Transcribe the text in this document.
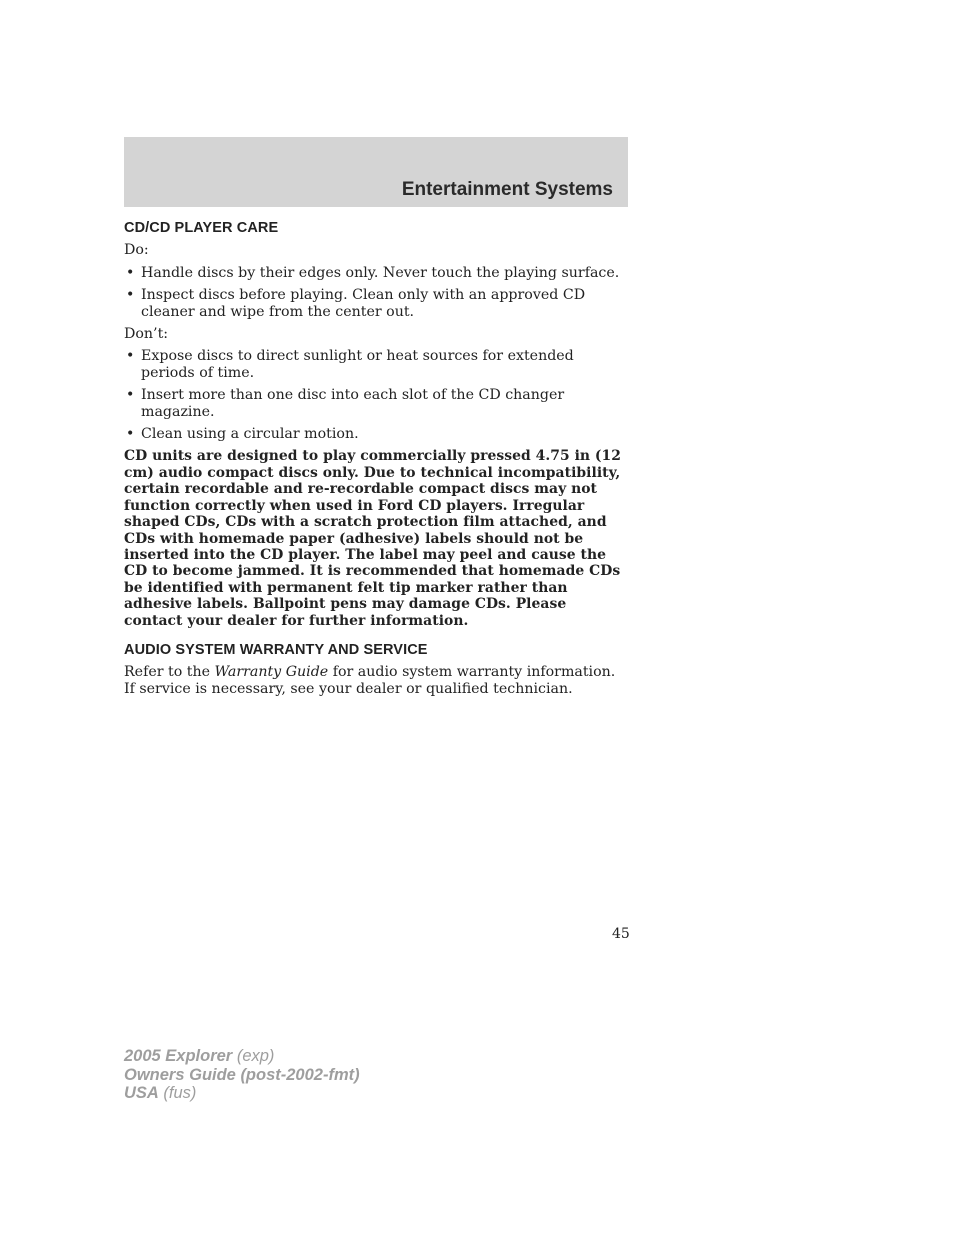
Entertainment Systems
CD/CD PLAYER CARE

Do:

• Handle discs by their edges only. Never touch the playing surface.
• Inspect discs before playing. Clean only with an approved CD cleaner and wipe from the center out.

Don’t:

• Expose discs to direct sunlight or heat sources for extended periods of time.
• Insert more than one disc into each slot of the CD changer magazine.
• Clean using a circular motion.

CD units are designed to play commercially pressed 4.75 in (12 cm) audio compact discs only. Due to technical incompatibility, certain recordable and re-recordable compact discs may not function correctly when used in Ford CD players. Irregular shaped CDs, CDs with a scratch protection film attached, and CDs with homemade paper (adhesive) labels should not be inserted into the CD player. The label may peel and cause the CD to become jammed. It is recommended that homemade CDs be identified with permanent felt tip marker rather than adhesive labels. Ballpoint pens may damage CDs. Please contact your dealer for further information.

AUDIO SYSTEM WARRANTY AND SERVICE

Refer to the Warranty Guide for audio system warranty information. If service is necessary, see your dealer or qualified technician.

45
2005 Explorer (exp)
Owners Guide (post-2002-fmt)
USA (fus)
